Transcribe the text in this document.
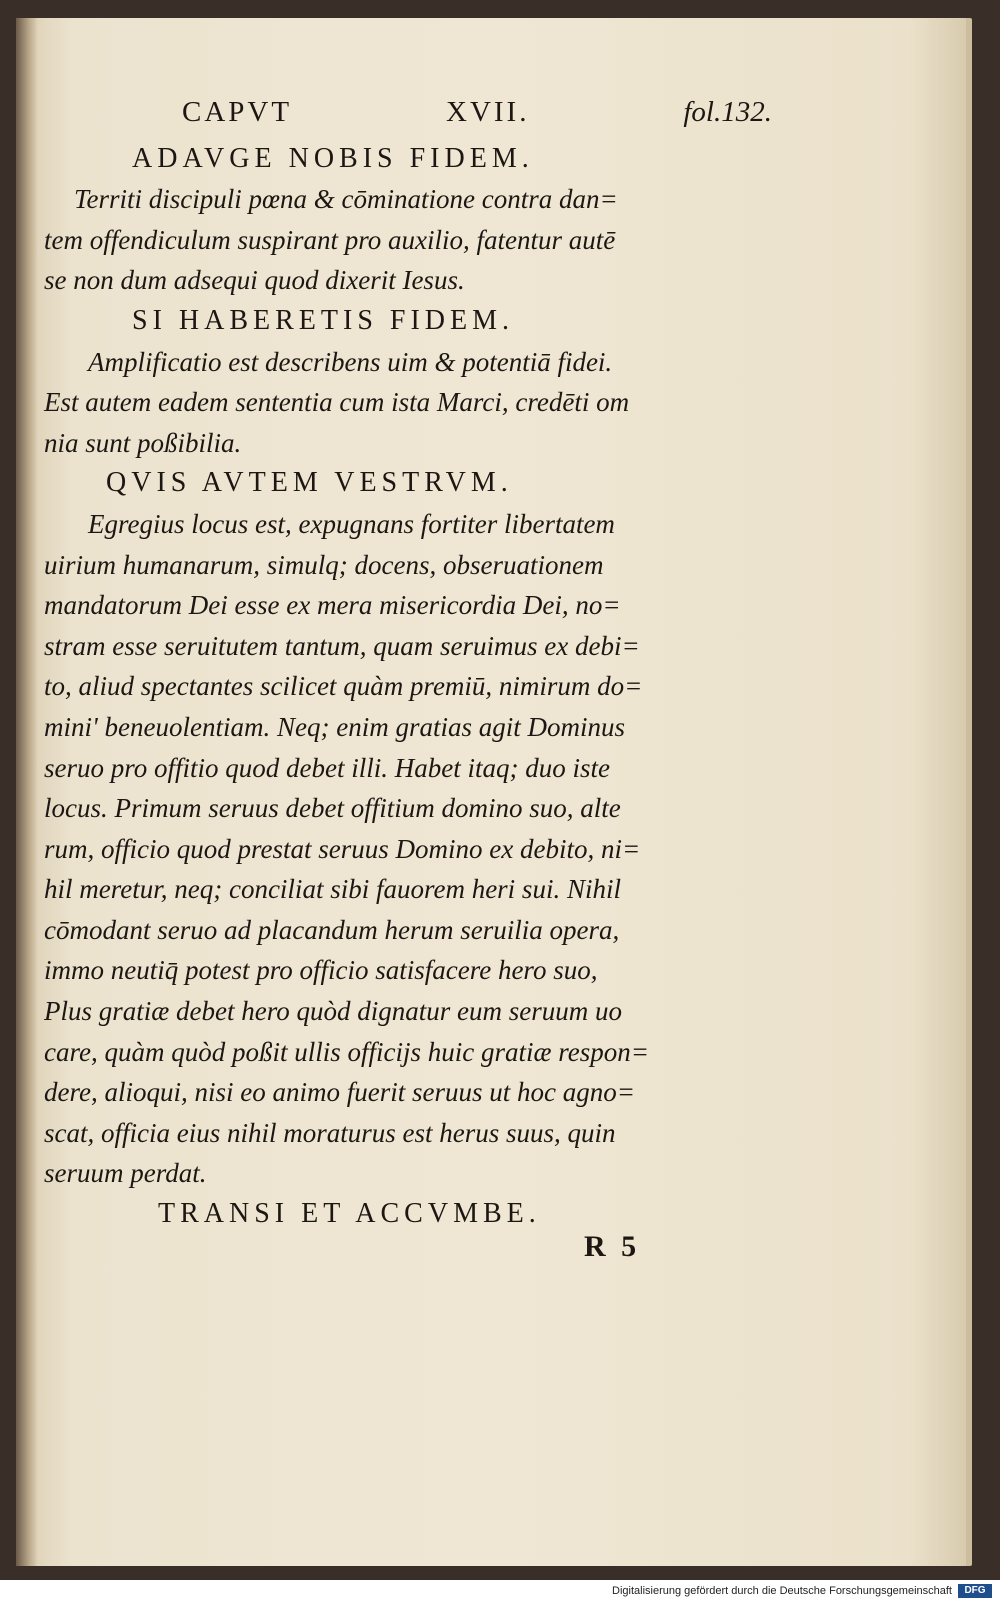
CAPVT	XVII.	fol.132.
ADAVGE NOBIS FIDEM.
Territi discipuli pœna & cōminatione contra dan=
tem offendiculum suspirant pro auxilio, fatentur autē
se non dum adsequi quod dixerit Iesus.
SI HABERETIS FIDEM.
Amplificatio est describens uim & potentiā fidei.
Est autem eadem sententia cum ista Marci, credēti om
nia sunt poßibilia.
QVIS AVTEM VESTRVM.
Egregius locus est, expugnans fortiter libertatem
uirium humanarum, simulq; docens, obseruationem
mandatorum Dei esse ex mera misericordia Dei, no=
stram esse seruitutem tantum, quam seruimus ex debi=
to, aliud spectantes scilicet quàm premiū, nimirum do=
mini' beneuolentiam. Neq; enim gratias agit Dominus
seruo pro offitio quod debet illi. Habet itaq; duo iste
locus. Primum seruus debet offitium domino suo, alte
rum, officio quod prestat seruus Domino ex debito, ni=
hil meretur, neq; conciliat sibi fauorem heri sui. Nihil
cōmodant seruo ad placandum herum seruilia opera,
immo neutiq̄ potest pro officio satisfacere hero suo,
Plus gratiæ debet hero quòd dignatur eum seruum uo
care, quàm quòd poßit ullis officijs huic gratiæ respon=
dere, alioqui, nisi eo animo fuerit seruus ut hoc agno=
scat, officia eius nihil moraturus est herus suus, quin
seruum perdat.
TRANSI ET ACCVMBE.
R 5
Digitalisierung gefördert durch die Deutsche Forschungsgemeinschaft	DFG
